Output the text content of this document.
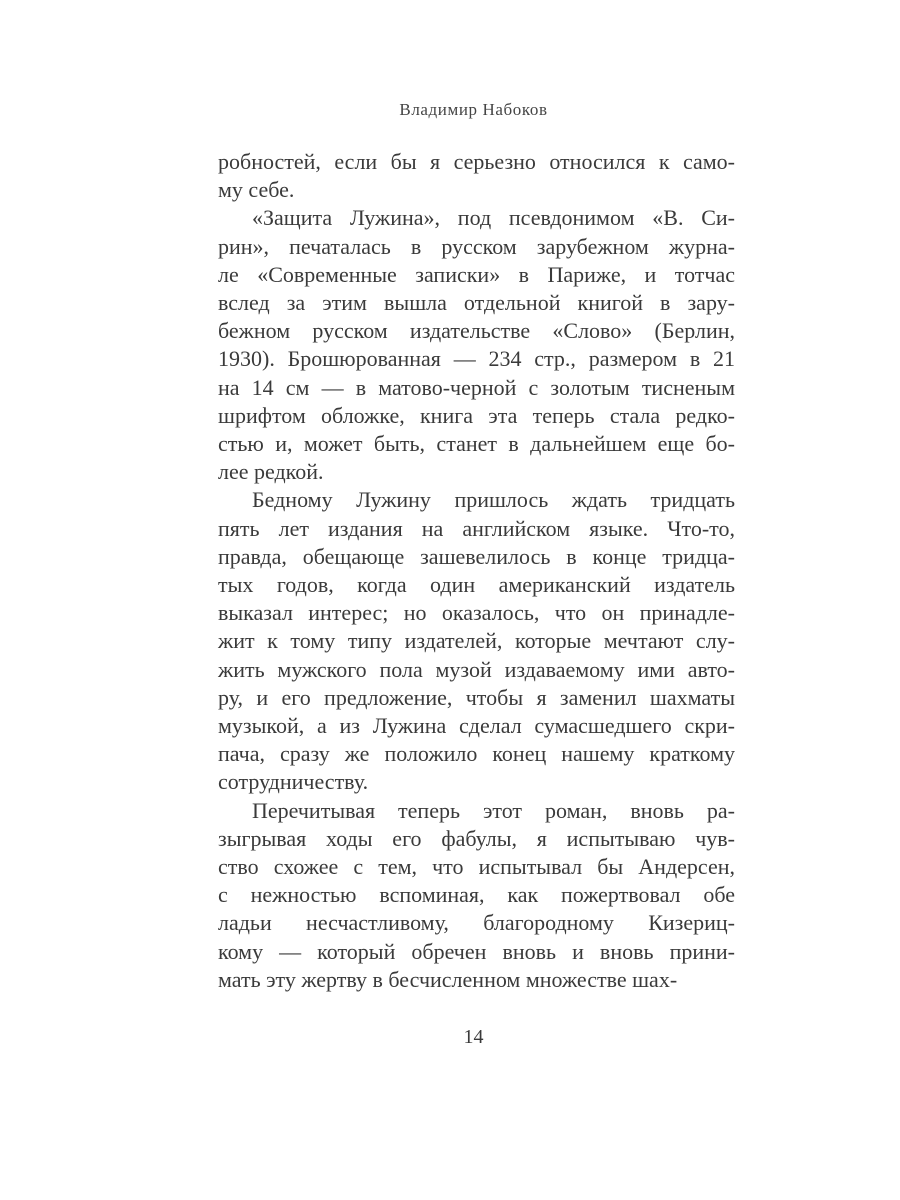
Владимир Набоков
робностей, если бы я серьезно относился к само-
му себе.
«Защита Лужина», под псевдонимом «В. Си-
рин», печаталась в русском зарубежном журна-
ле «Современные записки» в Париже, и тотчас
вслед за этим вышла отдельной книгой в зару-
бежном русском издательстве «Слово» (Берлин,
1930). Брошюрованная — 234 стр., размером в 21
на 14 см — в матово-черной с золотым тисненым
шрифтом обложке, книга эта теперь стала редко-
стью и, может быть, станет в дальнейшем еще бо-
лее редкой.
Бедному Лужину пришлось ждать тридцать
пять лет издания на английском языке. Что-то,
правда, обещающе зашевелилось в конце тридца-
тых годов, когда один американский издатель
выказал интерес; но оказалось, что он принадле-
жит к тому типу издателей, которые мечтают слу-
жить мужского пола музой издаваемому ими авто-
ру, и его предложение, чтобы я заменил шахматы
музыкой, а из Лужина сделал сумасшедшего скри-
пача, сразу же положило конец нашему краткому
сотрудничеству.
Перечитывая теперь этот роман, вновь ра-
зыгрывая ходы его фабулы, я испытываю чув-
ство схожее с тем, что испытывал бы Андерсен,
с нежностью вспоминая, как пожертвовал обе
ладьи несчастливому, благородному Кизериц-
кому — который обречен вновь и вновь прини-
мать эту жертву в бесчисленном множестве шах-
14
